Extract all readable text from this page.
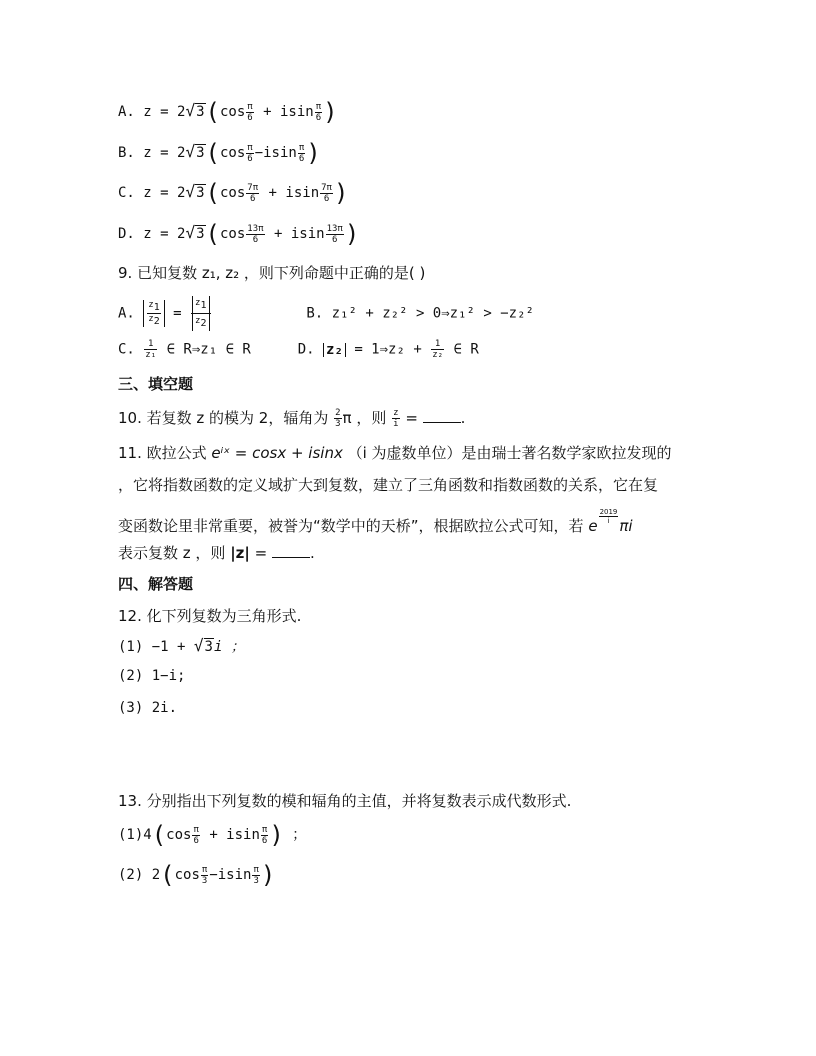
A. $z = 2√3(\cos \frac{\pi}{6} + isin \frac{\pi}{6}$ )
B. $z = 2√3(\cos \frac{\pi}{6} -isin \frac{\pi}{6}$ )
C. $z = 2√3(\cos \frac{7\pi}{6} + isin \frac{7\pi}{6}$ )
D. $z = 2√3(\cos \frac{13\pi}{6} + isin \frac{13\pi}{6}$ )
9. 已知复数 z₁, z₂ ，则下列命题中正确的是( )
A. $\frac{z1}{z2} = \frac{z1}{z2}$	B. z₁² + z₂² > 0⇒z₁² > −z₂²
C. $\frac{1}{\text{z₁}}$ ∈ R⇒z₁ ∈ R	D. z₂ = 1⇒z₂ + $\frac{1}{\text{z₂}}$ ∈ R
三、填空题
10. 若复数 z 的模为 2，辐角为 $\frac{2}{3}$ π ，则 $\frac{z}{i}$ =	.
11. 欧拉公式 eⁱˣ = cosx + isinx （i 为虚数单位）是由瑞士著名数学家欧拉发现的
，它将指数函数的定义域扩大到复数，建立了三角函数和指数函数的关系，它在复
变函数论里非常重要，被誉为“数学中的天桥”，根据欧拉公式可知，若 e
$\frac{2019}{i}$
πi
表示复数 z ，则 |z| =	.
四、解答题
12. 化下列复数为三角形式.
(1) −1 + √3i ；
(2) 1−i;
(3) 2i.
13. 分别指出下列复数的模和辐角的主值，并将复数表示成代数形式.
$(1)4(\cos \frac{\pi}{6} + isin \frac{\pi}{6}$ ) ；
(2) $2(\cos \frac{\pi}{3} -isin \frac{\pi}{3}$ )
